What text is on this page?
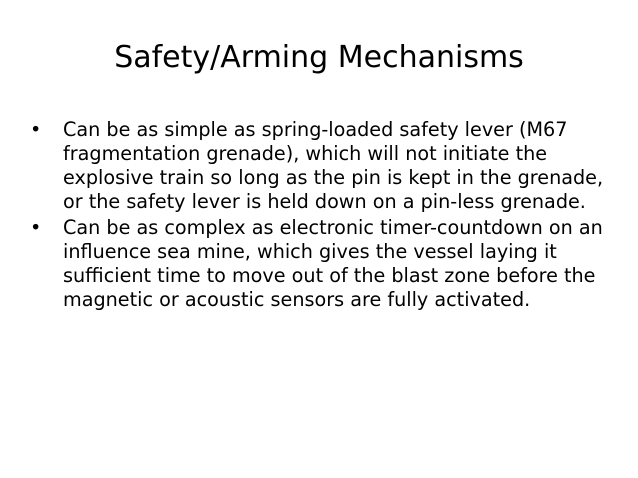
Safety/Arming Mechanisms
•	Can be as simple as spring-loaded safety lever (M67 fragmentation grenade), which will not initiate the explosive train so long as the pin is kept in the grenade, or the safety lever is held down on a pin-less grenade.
•	Can be as complex as electronic timer-countdown on an influence sea mine, which gives the vessel laying it sufficient time to move out of the blast zone before the magnetic or acoustic sensors are fully activated.
